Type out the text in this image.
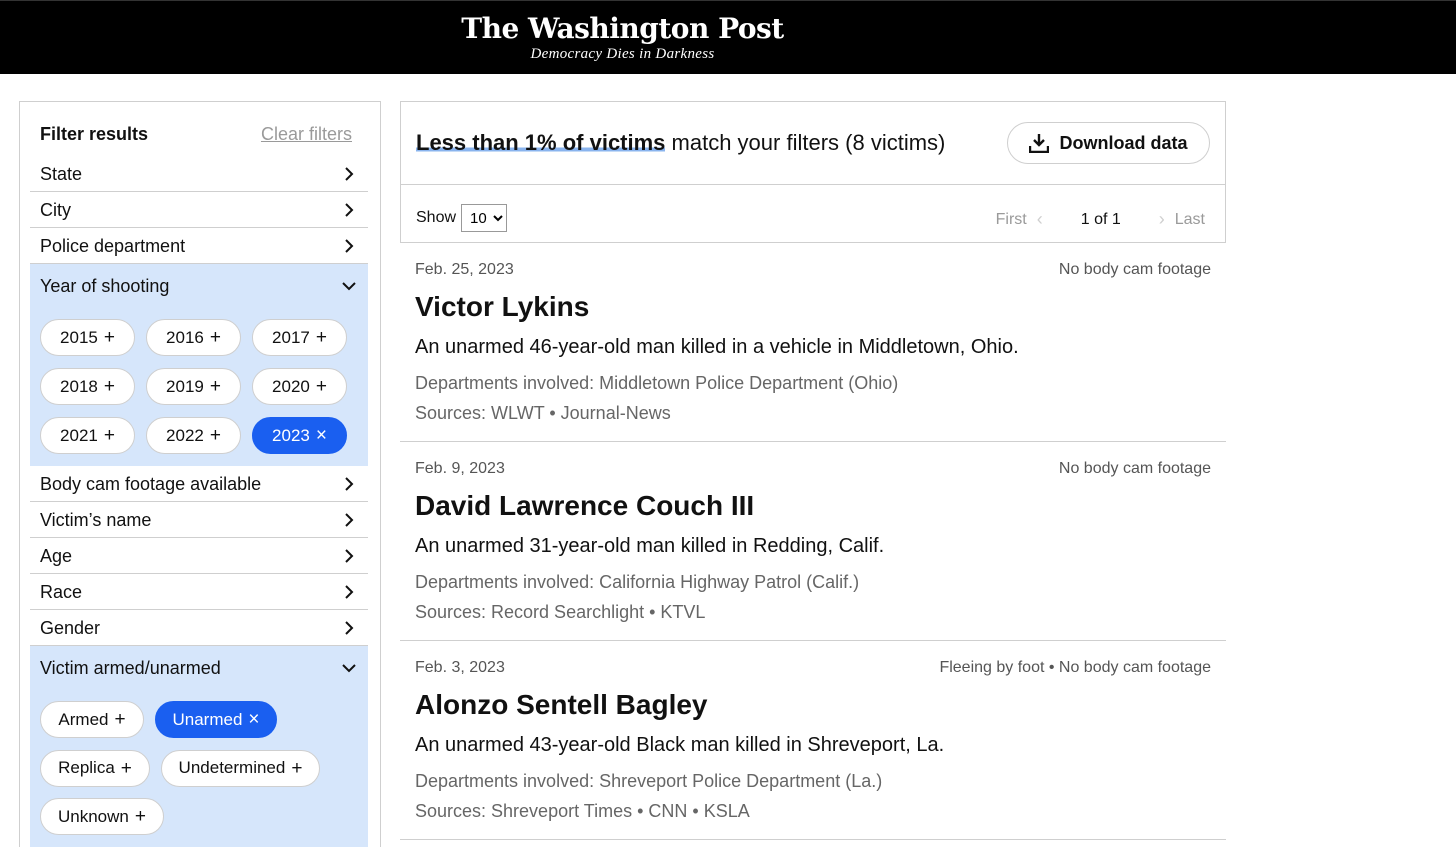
The Washington Post
Democracy Dies in Darkness
Filter results	Clear filters
State
City
Police department
Year of shooting
2015 +	2016 +	2017 +
2018 +	2019 +	2020 +
2021 +	2022 +	2023 ×
Body cam footage available
Victim’s name
Age
Race
Gender
Victim armed/unarmed
Armed +	Unarmed ×
Replica +	Undetermined +
Unknown +
Less than 1% of victims match your filters (8 victims)	Download data
Show
10	First ‹ 1 of 1 › Last
Feb. 25, 2023	No body cam footage
Victor Lykins
An unarmed 46-year-old man killed in a vehicle in Middletown, Ohio.
Departments involved: Middletown Police Department (Ohio)
Sources: WLWT • Journal-News
Feb. 9, 2023	No body cam footage
David Lawrence Couch III
An unarmed 31-year-old man killed in Redding, Calif.
Departments involved: California Highway Patrol (Calif.)
Sources: Record Searchlight • KTVL
Feb. 3, 2023	Fleeing by foot • No body cam footage
Alonzo Sentell Bagley
An unarmed 43-year-old Black man killed in Shreveport, La.
Departments involved: Shreveport Police Department (La.)
Sources: Shreveport Times • CNN • KSLA
